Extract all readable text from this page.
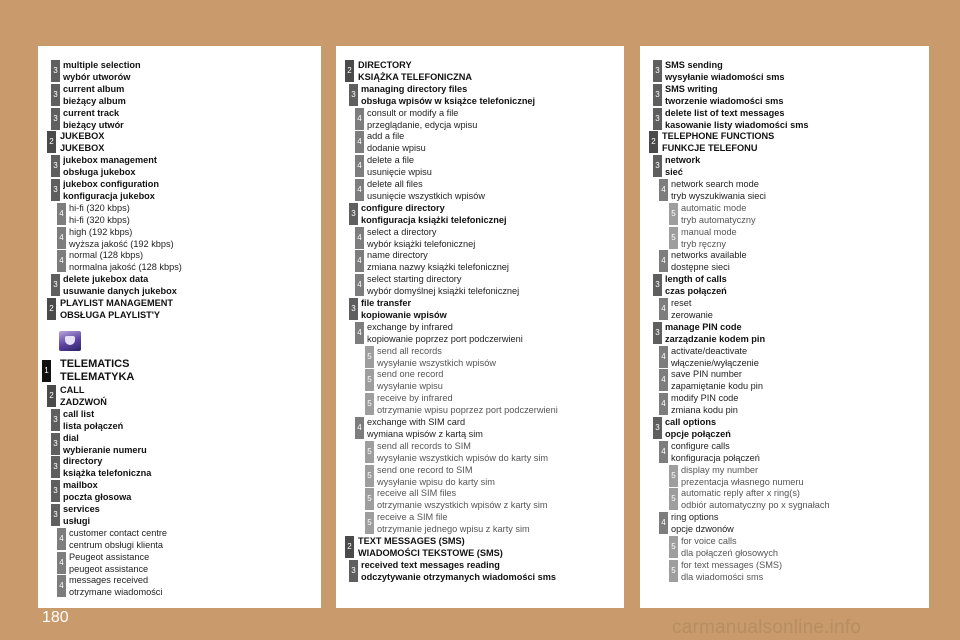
3
multiple selection
wybór utworów
3
current album
bieżący album
3
current track
bieżący utwór
2
JUKEBOX
JUKEBOX
3
jukebox management
obsługa jukebox
3
jukebox configuration
konfiguracja jukebox
4
hi-fi (320 kbps)
hi-fi (320 kbps)
4
high (192 kbps)
wyższa jakość (192 kbps)
4
normal (128 kbps)
normalna jakość (128 kbps)
3
delete jukebox data
usuwanie danych jukebox
2
PLAYLIST MANAGEMENT
OBSŁUGA PLAYLIST'Y
1
TELEMATICS
TELEMATYKA
2
CALL
ZADZWOŃ
3
call list
lista połączeń
3
dial
wybieranie numeru
3
directory
książka telefoniczna
3
mailbox
poczta głosowa
3
services
usługi
4
customer contact centre
centrum obsługi klienta
4
Peugeot assistance
peugeot assistance
4
messages received
otrzymane wiadomości
2
DIRECTORY
KSIĄŻKA TELEFONICZNA
3
managing directory files
obsługa wpisów w książce telefonicznej
4
consult or modify a file
przeglądanie, edycja wpisu
4
add a file
dodanie wpisu
4
delete a file
usunięcie wpisu
4
delete all files
usunięcie wszystkich wpisów
3
configure directory
konfiguracja książki telefonicznej
4
select a directory
wybór książki telefonicznej
4
name directory
zmiana nazwy książki telefonicznej
4
select starting directory
wybór domyślnej książki telefonicznej
3
file transfer
kopiowanie wpisów
4
exchange by infrared
kopiowanie poprzez port podczerwieni
5
send all records
wysyłanie wszystkich wpisów
5
send one record
wysyłanie wpisu
5
receive by infrared
otrzymanie wpisu poprzez port podczerwieni
4
exchange with SIM card
wymiana wpisów z kartą sim
5
send all records to SIM
wysyłanie wszystkich wpisów do karty sim
5
send one record to SIM
wysyłanie wpisu do karty sim
5
receive all SIM files
otrzymanie wszystkich wpisów z karty sim
5
receive a SIM file
otrzymanie jednego wpisu z karty sim
2
TEXT MESSAGES (SMS)
WIADOMOŚCI TEKSTOWE (SMS)
3
received text messages reading
odczytywanie otrzymanych wiadomości sms
3
SMS sending
wysyłanie wiadomości sms
3
SMS writing
tworzenie wiadomości sms
3
delete list of text messages
kasowanie listy wiadomości sms
2
TELEPHONE FUNCTIONS
FUNKCJE TELEFONU
3
network
sieć
4
network search mode
tryb wyszukiwania sieci
5
automatic mode
tryb automatyczny
5
manual mode
tryb ręczny
4
networks available
dostępne sieci
3
length of calls
czas połączeń
4
reset
zerowanie
3
manage PIN code
zarządzanie kodem pin
4
activate/deactivate
włączenie/wyłączenie
4
save PIN number
zapamiętanie kodu pin
4
modify PIN code
zmiana kodu pin
3
call options
opcje połączeń
4
configure calls
konfiguracja połączeń
5
display my number
prezentacja własnego numeru
5
automatic reply after x ring(s)
odbiór automatyczny po x sygnałach
4
ring options
opcje dzwonów
5
for voice calls
dla połączeń głosowych
5
for text messages (SMS)
dla wiadomości sms
180	carmanualsonline.info
